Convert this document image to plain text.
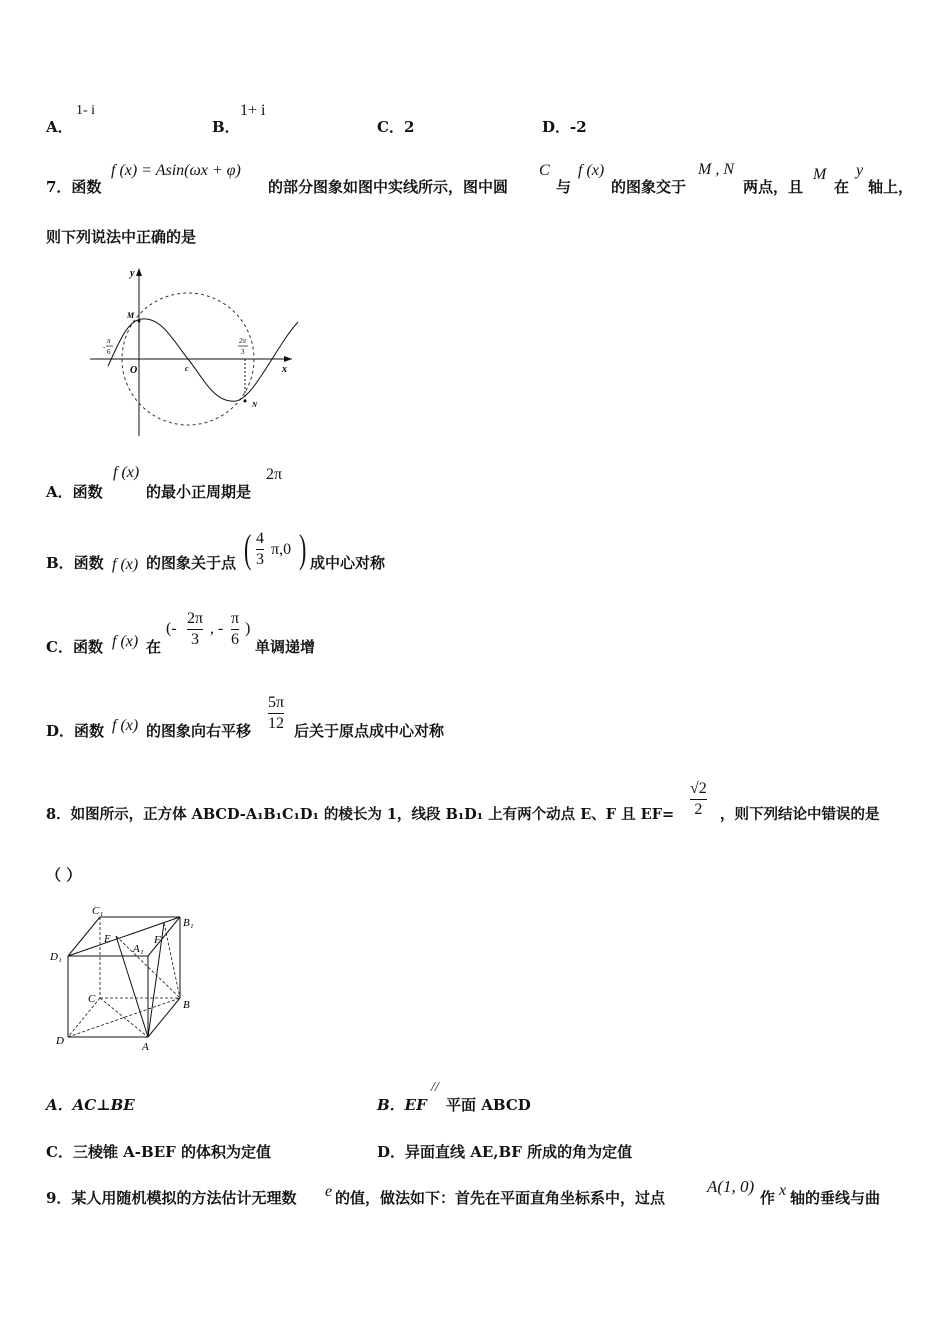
A．
1- i
B．
1+ i
C．2	D．-2
7．函数
f (x) = Asin(ωx + φ)
的部分图象如图中实线所示，图中圆
C
与
f (x)
的图象交于
M , N
两点，且
M
在
y
轴上，
则下列说法中正确的是
y
x
O
M
N
c
-
π
6
2π
3
A．函数
f (x)
的最小正周期是
2π
B．函数 f (x) 的图象关于点 ( 4
3
π,0 ) 成中心对称
C．函数 f (x) 在
(-
2π
3
, -
π
6
)
单调递增
D．函数 f (x) 的图象向右平移
5π
12 后关于原点成中心对称
8．如图所示，正方体 ABCD-A₁B₁C₁D₁ 的棱长为 1，线段 B₁D₁ 上有两个动点 E、F 且 EF=
√2
2 ，则下列结论中错误的是
（ ）
C₁
B₁
D₁
A₁
E	F
C	B
D	A
A．AC⊥BE	B．EF
//
平面 ABCD
C．三棱锥 A-BEF 的体积为定值	D．异面直线 AE,BF 所成的角为定值
9．某人用随机模拟的方法估计无理数 e 的值，做法如下：首先在平面直角坐标系中，过点
A(1, 0)
作 x 轴的垂线与曲
